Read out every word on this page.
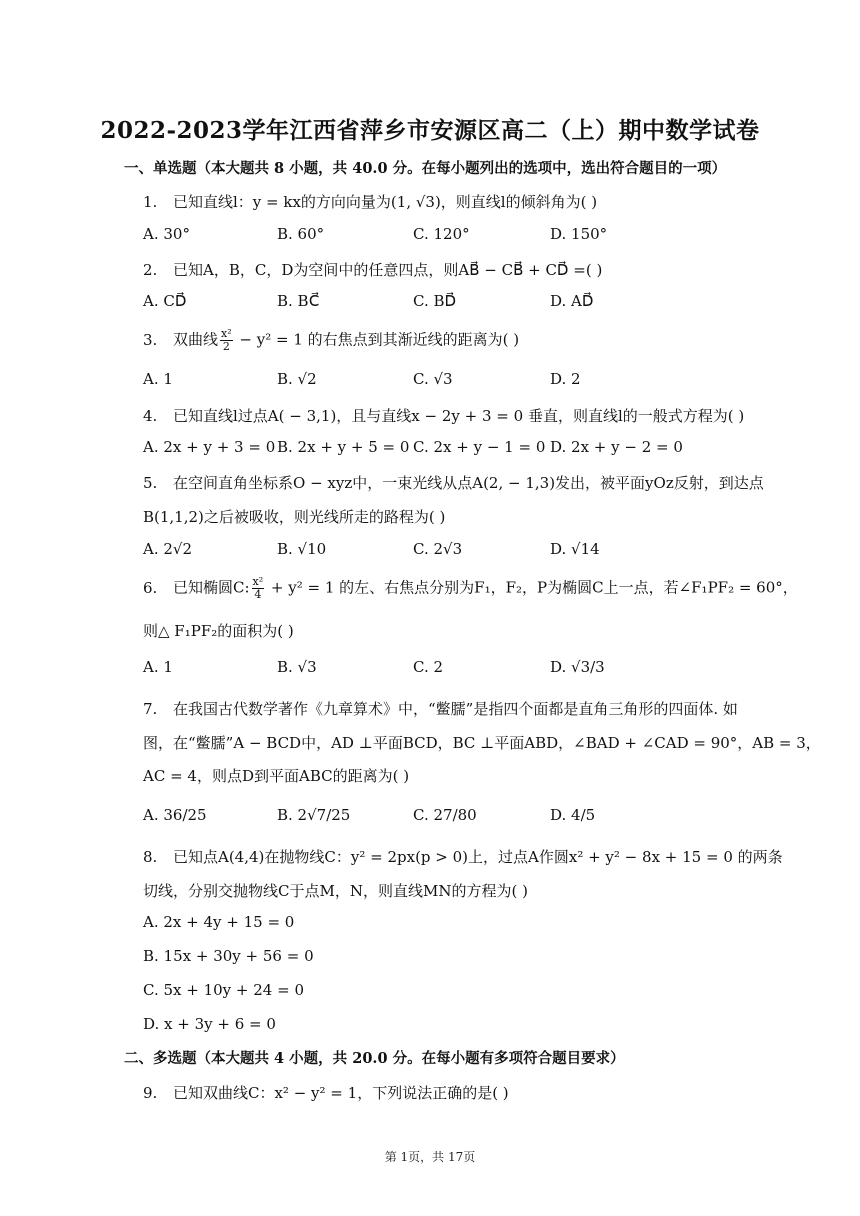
2022-2023学年江西省萍乡市安源区高二（上）期中数学试卷
一、单选题（本大题共 8 小题，共 40.0 分。在每小题列出的选项中，选出符合题目的一项）
1. 已知直线l：y = kx的方向向量为(1, √3)，则直线l的倾斜角为( )
A. 30°	B. 60°	C. 120°	D. 150°
2. 已知A，B，C，D为空间中的任意四点，则AB⃗ − CB⃗ + CD⃗ =( )
A. CD⃗	B. BC⃗	C. BD⃗	D. AD⃗
3. 双曲线 $\frac{\text{x²}}{2} - y^2 = 1$ 的右焦点到其渐近线的距离为( )
A. 1	B. √2	C. √3	D. 2
4. 已知直线l过点A( − 3,1)，且与直线x − 2y + 3 = 0 垂直，则直线l的一般式方程为( )
A. 2x + y + 3 = 0 B. 2x + y + 5 = 0 C. 2x + y − 1 = 0 D. 2x + y − 2 = 0
5. 在空间直角坐标系O − xyz中，一束光线从点A(2, − 1,3)发出，被平面yOz反射，到达点
B(1,1,2)之后被吸收，则光线所走的路程为( )
A. 2√2	B. √10	C. 2√3	D. √14
6. 已知椭圆C: $\frac{\text{x²}}{4} + y^2 = 1$ 的左、右焦点分别为F₁，F₂，P为椭圆C上一点，若∠F₁PF₂ = 60°，
则△ F₁PF₂的面积为( )
A. 1	B. √3	C. 2	D. √3/3
7. 在我国古代数学著作《九章算术》中，“鳖臑”是指四个面都是直角三角形的四面体. 如
图，在“鳖臑”A − BCD中，AD ⊥平面BCD，BC ⊥平面ABD，∠BAD + ∠CAD = 90°，AB = 3，
AC = 4，则点D到平面ABC的距离为( )
A. 36/25	B. 2√7/25	C. 27/80	D. 4/5
8. 已知点A(4,4)在抛物线C：y² = 2px(p > 0)上，过点A作圆x² + y² − 8x + 15 = 0 的两条
切线，分别交抛物线C于点M，N，则直线MN的方程为( )
A. 2x + 4y + 15 = 0
B. 15x + 30y + 56 = 0
C. 5x + 10y + 24 = 0
D. x + 3y + 6 = 0
二、多选题（本大题共 4 小题，共 20.0 分。在每小题有多项符合题目要求）
9. 已知双曲线C：x² − y² = 1，下列说法正确的是( )
第 1页，共 17页
